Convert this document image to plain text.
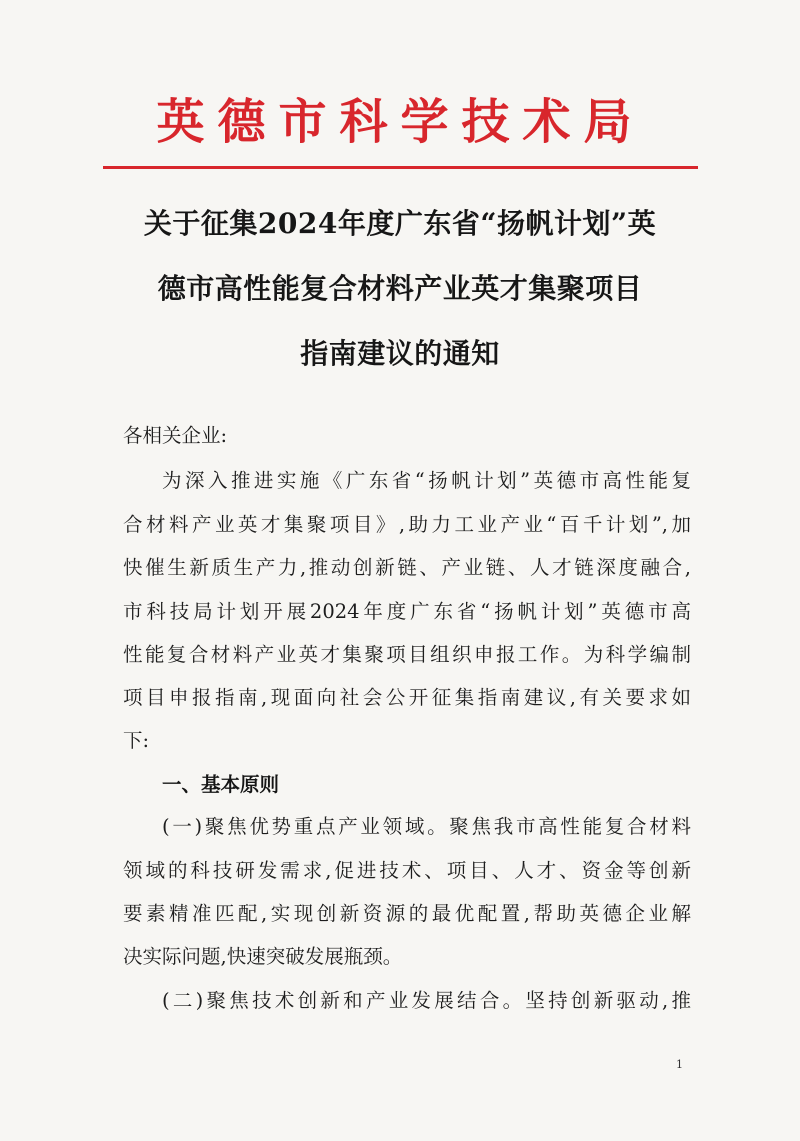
英德市科学技术局
关于征集2024年度广东省“扬帆计划”英
德市高性能复合材料产业英才集聚项目
指南建议的通知
各相关企业:
为深入推进实施《广东省“扬帆计划”英德市高性能复
合材料产业英才集聚项目》,助力工业产业“百千计划”,加
快催生新质生产力,推动创新链、产业链、人才链深度融合,
市科技局计划开展2024年度广东省“扬帆计划”英德市高
性能复合材料产业英才集聚项目组织申报工作。为科学编制
项目申报指南,现面向社会公开征集指南建议,有关要求如
下:
一、基本原则
(一)聚焦优势重点产业领域。聚焦我市高性能复合材料
领域的科技研发需求,促进技术、项目、人才、资金等创新
要素精准匹配,实现创新资源的最优配置,帮助英德企业解
决实际问题,快速突破发展瓶颈。
(二)聚焦技术创新和产业发展结合。坚持创新驱动,推
1
